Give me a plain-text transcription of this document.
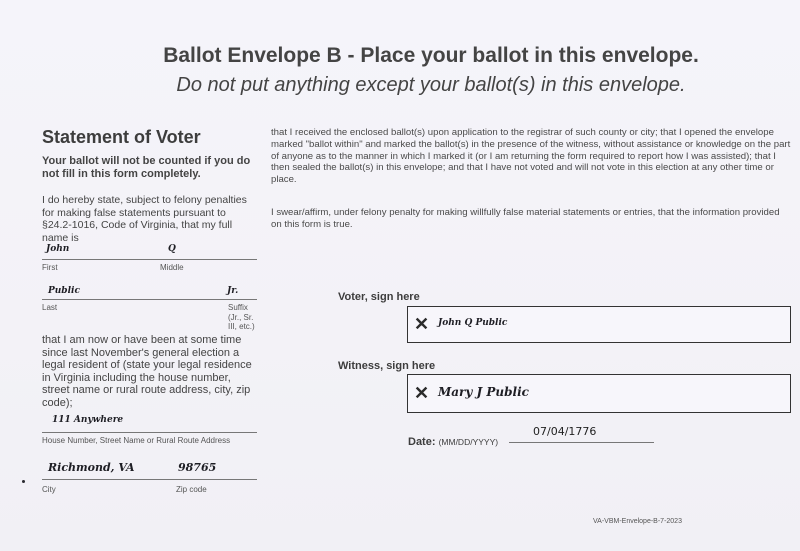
Ballot Envelope B - Place your ballot in this envelope.
Do not put anything except your ballot(s) in this envelope.
Statement of Voter
Your ballot will not be counted if you do not fill in this form completely.
I do hereby state, subject to felony penalties for making false statements pursuant to §24.2-1016, Code of Virginia, that my full name is
John	Q
First	Middle
Public	Jr.
Last	Suffix (Jr., Sr. III, etc.)
that I am now or have been at some time since last November's general election a legal resident of (state your legal residence in Virginia including the house number, street name or rural route address, city, zip code);
111 Anywhere
House Number, Street Name or Rural Route Address
Richmond, VA	98765
City	Zip code
that I received the enclosed ballot(s) upon application to the registrar of such county or city; that I opened the envelope marked "ballot within" and marked the ballot(s) in the presence of the witness, without assistance or knowledge on the part of anyone as to the manner in which I marked it (or I am returning the form required to report how I was assisted); that I then sealed the ballot(s) in this envelope; and that I have not voted and will not vote in this election at any other time or place.
I swear/affirm, under felony penalty for making willfully false material statements or entries, that the information provided on this form is true.
Voter, sign here
✕ John Q Public
Witness, sign here
✕ Mary J Public
Date: (MM/DD/YYYY)
07/04/1776
VA-VBM-Envelope-B-7-2023
